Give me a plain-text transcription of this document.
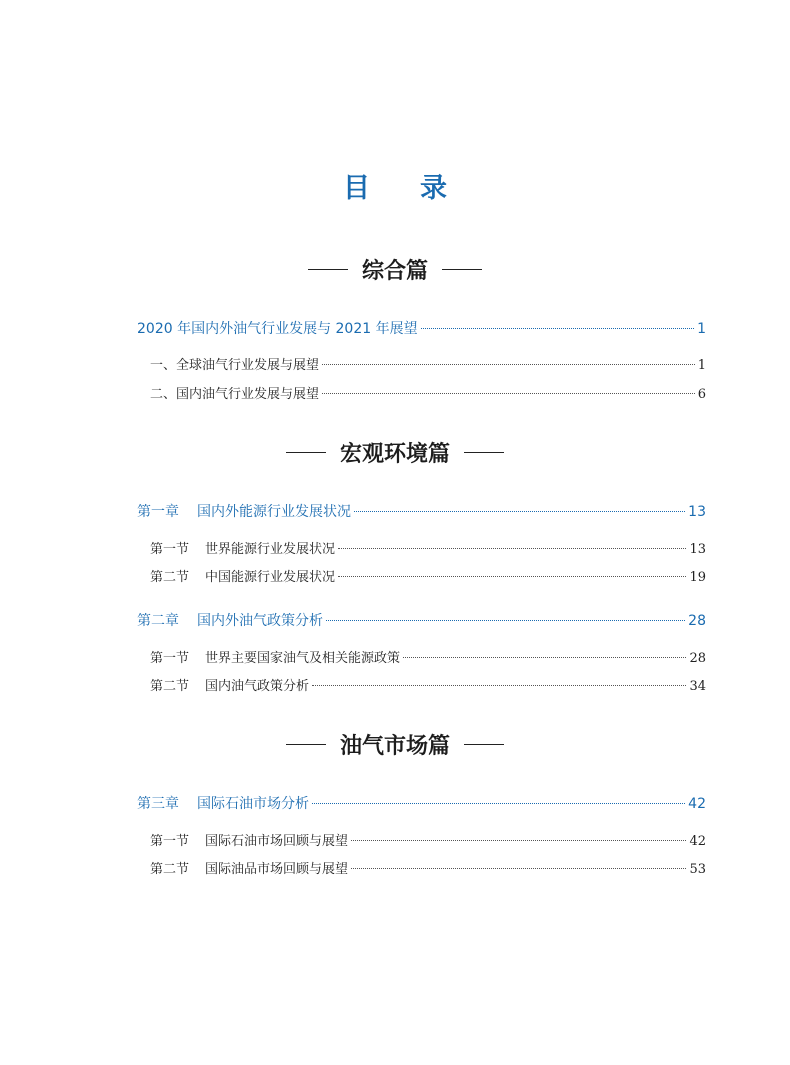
目录
综合篇
2020 年国内外油气行业发展与 2021 年展望	1
一、全球油气行业发展与展望	1
二、国内油气行业发展与展望	6
宏观环境篇
第一章 国内外能源行业发展状况	13
第一节 世界能源行业发展状况	13
第二节 中国能源行业发展状况	19
第二章 国内外油气政策分析	28
第一节 世界主要国家油气及相关能源政策	28
第二节 国内油气政策分析	34
油气市场篇
第三章 国际石油市场分析	42
第一节 国际石油市场回顾与展望	42
第二节 国际油品市场回顾与展望	53
